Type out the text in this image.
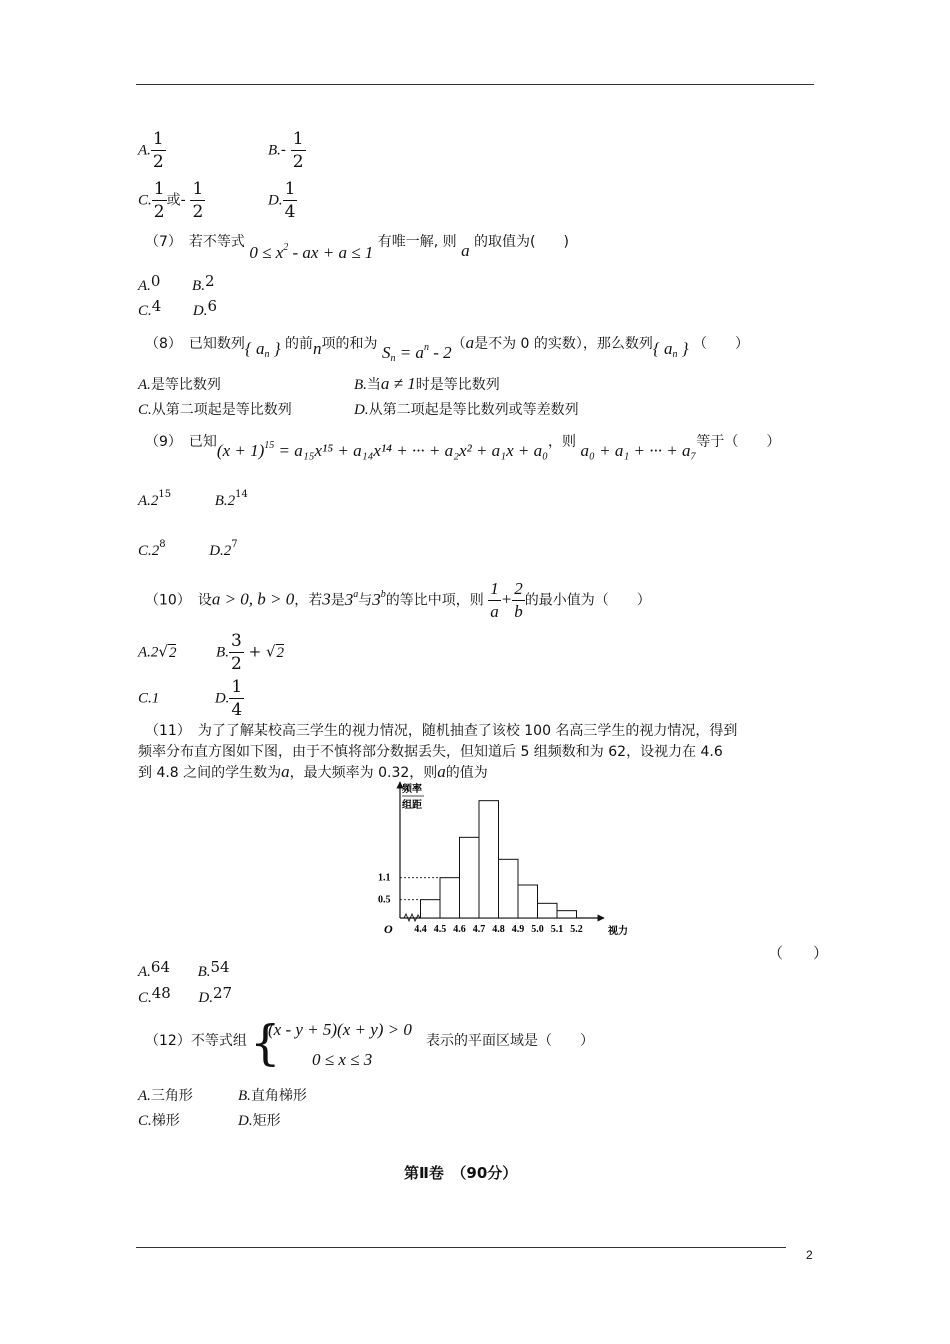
A. $\frac{1}{2}$	$B.- \frac{1}{2}$
C. $\frac{1}{2}$ 或- $\frac{1}{2}$	D. $\frac{1}{4}$
（7）　 若不等式 $0 \le x^2$ - ax + a ≤ 1 有唯一解, 则 a 的取值为(　　)
A.0 B.2
C.4 D.6
（8）　 已知数列{ $a_n$ } 的前n项的和为 $S_n = a^n - 2(a$是不为 0 的实数），那么数列{ $a_n$ } （　　）
A.是等比数列	B.当a ≠ 1时是等比数列
C.从第二项起是等比数列	D.从第二项起是等比数列或等差数列
（9）　 已知$(x + 1)^{15} = a_{15}x^{15} + a_{14}x^{14}$ + ··· + a₂x² + a₁x + a₀，则 a₀ + a₁ + ··· + a₇等于（　　）
$A.2^{15}$	$B.2^{14}$
$C.2^8$	$D.2^7$
（10）　 设a > 0, b > 0，若3是3$^a$与3$^b$的等比中项，则 $\frac{1}{a} + \frac{2}{b}$ 的最小值为（　　）
A.2√2	B. $\frac{3}{2} + √2$
C.1	D. $\frac{1}{4}$
（11）　为了了解某校高三学生的视力情况，随机抽查了该校 100 名高三学生的视力情况，得到
频率分布直方图如下图，由于不慎将部分数据丢失，但知道后 5 组频数和为 62，设视力在 4.6
到 4.8 之间的学生数为a，最大频率为 0.32，则a的值为
频率
组距
O	视力
4.4 4.5 4.6 4.7 4.8 4.9 5.0 5.1 5.2
0.5
1.1
（　　）
A.64 B.54
C.48 D.27
（12）不等式组 {
(x - y + 5)(x + y) > 0
0 ≤ x ≤ 3
表示的平面区域是（　　）
A.三角形	B.直角梯形
C.梯形	D.矩形
第Ⅱ卷　（90分）
2
